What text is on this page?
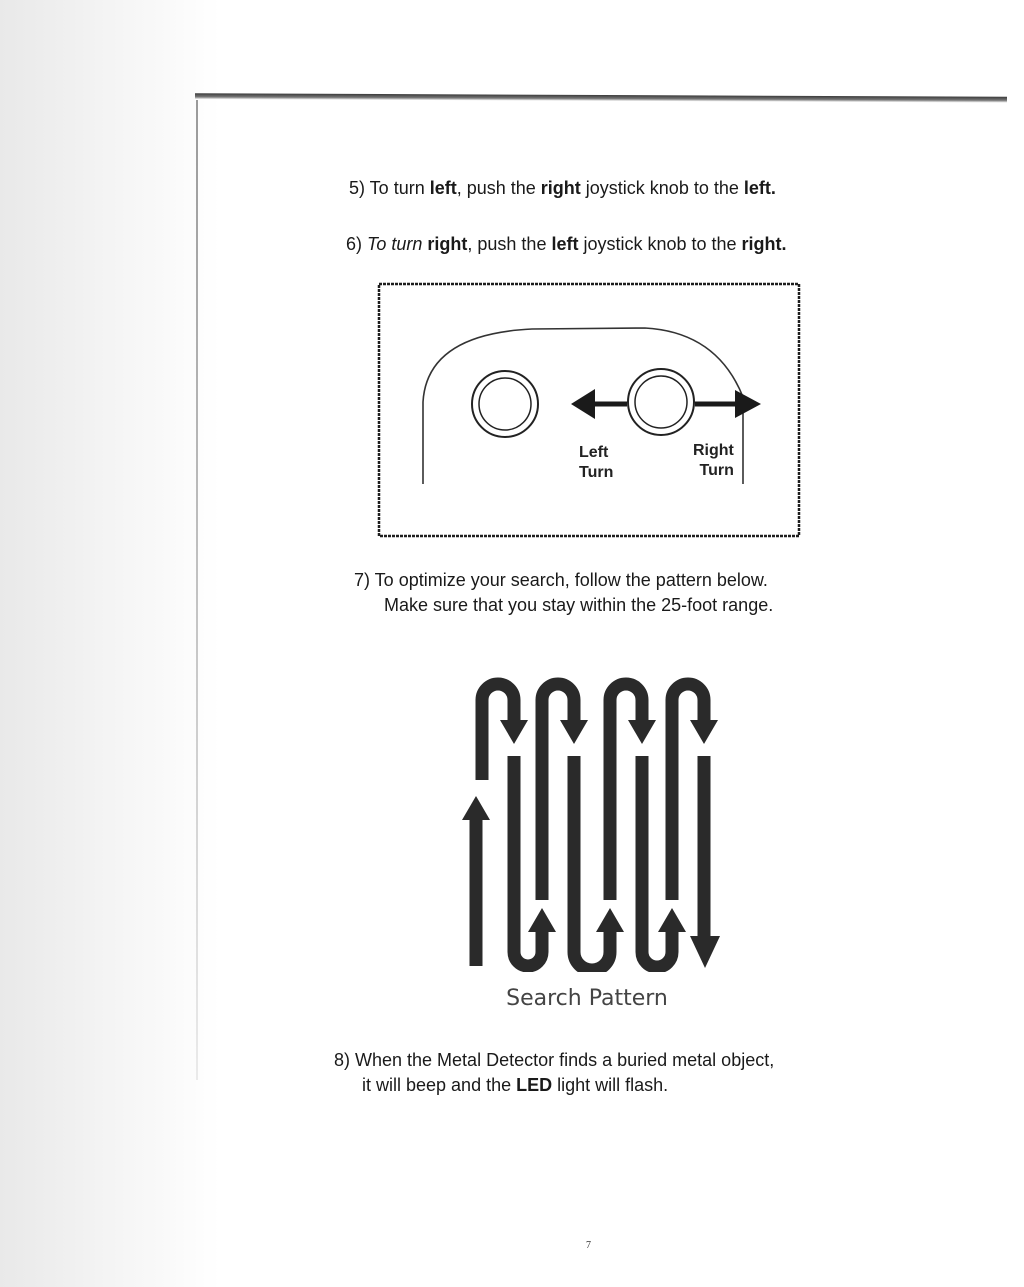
5) To turn left, push the right joystick knob to the left.
6) To turn right, push the left joystick knob to the right.
Left
Turn
Right
Turn
7) To optimize your search, follow the pattern below.
Make sure that you stay within the 25-foot range.
Search Pattern
8) When the Metal Detector finds a buried metal object,
it will beep and the LED light will flash.
7
